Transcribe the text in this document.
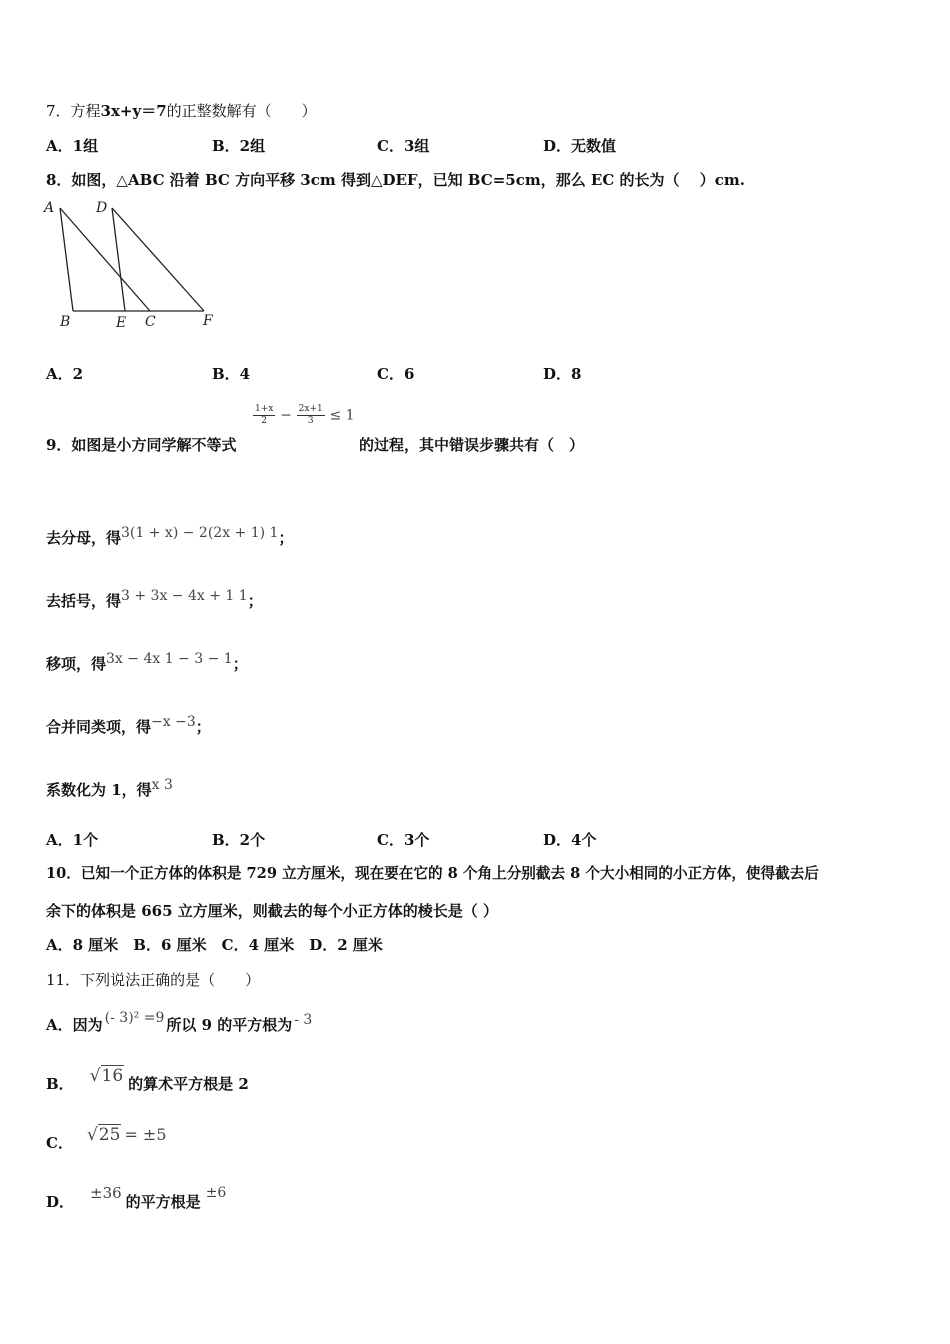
7．方程3x+y＝7的正整数解有（　　）
A．1组	B．2组	C．3组	D．无数值
8．如图，△ABC 沿着 BC 方向平移 3cm 得到△DEF，已知 BC=5cm，那么 EC 的长为（　 ）cm.
A	D
B	E C	F
A．2	B．4	C．6	D．8
$\frac{1+x}{2} - \frac{2x+1}{3} \le 1$
9．如图是小方同学解不等式	的过程，其中错误步骤共有（　）
去分母，得3(1 + x) − 2(2x + 1) 1；
去括号，得3 + 3x − 4x + 1 1；
移项，得3x − 4x 1 − 3 − 1；
合并同类项，得−x −3；
系数化为 1，得x 3
A．1个	B．2个	C．3个	D．4个
10．已知一个正方体的体积是 729 立方厘米，现在要在它的 8 个角上分别截去 8 个大小相同的小正方体，使得截去后
余下的体积是 665 立方厘米，则截去的每个小正方体的棱长是（ ）
A．8 厘米　B．6 厘米　C．4 厘米　D．2 厘米
11．下列说法正确的是（　　）
A．因为 (- 3)² =9 所以 9 的平方根为 - 3
B． √16 的算术平方根是 2
C． √25 = ±5
D． ±36 的平方根是 ±6
